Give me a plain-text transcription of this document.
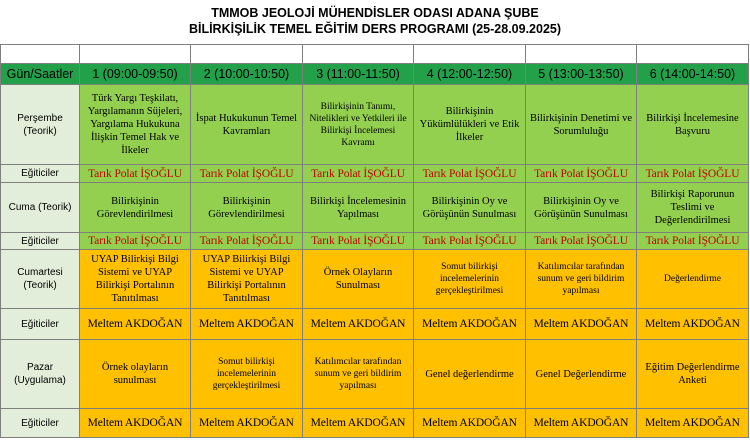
TMMOB JEOLOJİ MÜHENDİSLER ODASI ADANA ŞUBE
BİLİRKİŞİLİK TEMEL EĞİTİM DERS PROGRAMI (25-28.09.2025)

Gün/Saatler	1 (09:00-09:50)	2 (10:00-10:50)	3 (11:00-11:50)	4 (12:00-12:50)	5 (13:00-13:50)	6 (14:00-14:50)

Perşembe
(Teorik)	Türk Yargı Teşkilatı, Yargılamanın Süjeleri, Yargılama Hukukuna İlişkin Temel Hak ve İlkeler	İspat Hukukunun Temel Kavramları	Bilirkişinin Tanımı, Nitelikleri ve Yetkileri ile Bilirkişi İncelemesi Kavramı	Bilirkişinin Yükümlülükleri ve Etik İlkeler	Bilirkişinin Denetimi ve Sorumluluğu	Bilirkişi İncelemesine Başvuru
Eğiticiler	Tarık Polat İŞOĞLU	Tarık Polat İŞOĞLU	Tarık Polat İŞOĞLU	Tarık Polat İŞOĞLU	Tarık Polat İŞOĞLU	Tarık Polat İŞOĞLU
Cuma (Teorik)	Bilirkişinin Görevlendirilmesi	Bilirkişinin Görevlendirilmesi	Bilirkişi İncelemesinin Yapılması	Bilirkişinin Oy ve Görüşünün Sunulması	Bilirkişinin Oy ve Görüşünün Sunulması	Bilirkişi Raporunun Teslimi ve Değerlendirilmesi
Eğiticiler	Tarık Polat İŞOĞLU	Tarık Polat İŞOĞLU	Tarık Polat İŞOĞLU	Tarık Polat İŞOĞLU	Tarık Polat İŞOĞLU	Tarık Polat İŞOĞLU

Cumartesi
(Teorik)	UYAP Bilirkişi Bilgi Sistemi ve UYAP Bilirkişi Portalının Tanıtılması	UYAP Bilirkişi Bilgi Sistemi ve UYAP Bilirkişi Portalının Tanıtılması	Örnek Olayların Sunulması	Somut bilirkişi incelemelerinin gerçekleştirilmesi	Katılımcılar tarafından sunum ve geri bildirim yapılması	Değerlendirme
Eğiticiler	Meltem AKDOĞAN	Meltem AKDOĞAN	Meltem AKDOĞAN	Meltem AKDOĞAN	Meltem AKDOĞAN	Meltem AKDOĞAN

Pazar
(Uygulama)	Örnek olayların sunulması	Somut bilirkişi incelemelerinin gerçekleştirilmesi	Katılımcılar tarafından sunum ve geri bildirim yapılması	Genel değerlendirme	Genel Değerlendirme	Eğitim Değerlendirme Anketi
Eğiticiler	Meltem AKDOĞAN	Meltem AKDOĞAN	Meltem AKDOĞAN	Meltem AKDOĞAN	Meltem AKDOĞAN	Meltem AKDOĞAN
